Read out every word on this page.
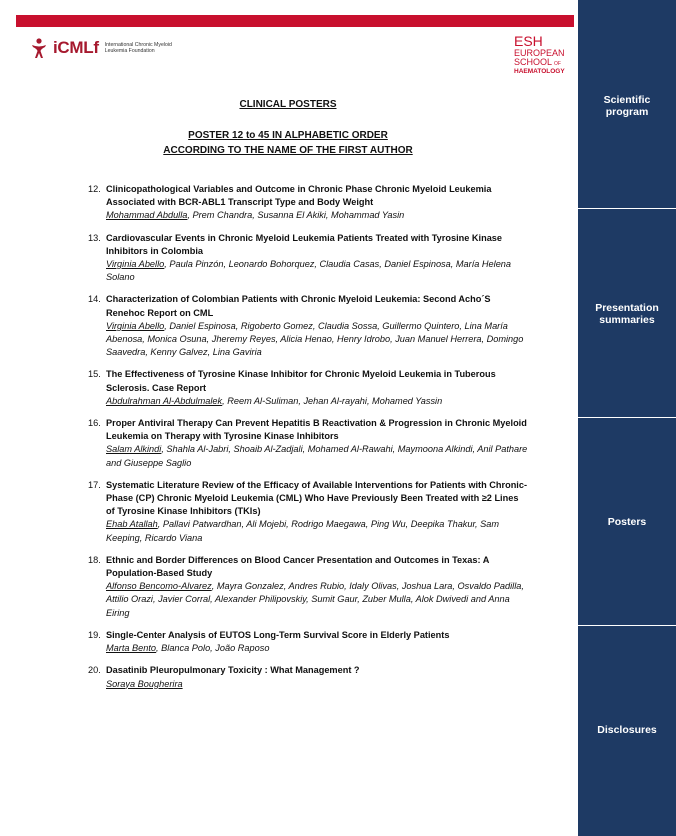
iCMLf International Chronic Myeloid Leukemia Foundation
ESH
EUROPEAN
SCHOOL OF
HAEMATOLOGY
CLINICAL POSTERS
POSTER 12 to 45 IN ALPHABETIC ORDER
ACCORDING TO THE NAME OF THE FIRST AUTHOR
12. Clinicopathological Variables and Outcome in Chronic Phase Chronic Myeloid Leukemia Associated with BCR-ABL1 Transcript Type and Body Weight
Mohammad Abdulla, Prem Chandra, Susanna El Akiki, Mohammad Yasin
13. Cardiovascular Events in Chronic Myeloid Leukemia Patients Treated with Tyrosine Kinase Inhibitors in Colombia
Virginia Abello, Paula Pinzón, Leonardo Bohorquez, Claudia Casas, Daniel Espinosa, María Helena Solano
14. Characterization of Colombian Patients with Chronic Myeloid Leukemia: Second Acho´S Renehoc Report on CML
Virginia Abello, Daniel Espinosa, Rigoberto Gomez, Claudia Sossa, Guillermo Quintero, Lina María Abenosa, Monica Osuna, Jheremy Reyes, Alicia Henao, Henry Idrobo, Juan Manuel Herrera, Domingo Saavedra, Kenny Galvez, Lina Gaviria
15. The Effectiveness of Tyrosine Kinase Inhibitor for Chronic Myeloid Leukemia in Tuberous Sclerosis. Case Report
Abdulrahman Al-Abdulmalek, Reem Al-Suliman, Jehan Al-rayahi, Mohamed Yassin
16. Proper Antiviral Therapy Can Prevent Hepatitis B Reactivation & Progression in Chronic Myeloid Leukemia on Therapy with Tyrosine Kinase Inhibitors
Salam Alkindi, Shahla Al-Jabri, Shoaib Al-Zadjali, Mohamed Al-Rawahi, Maymoona Alkindi, Anil Pathare and Giuseppe Saglio
17. Systematic Literature Review of the Efficacy of Available Interventions for Patients with Chronic-Phase (CP) Chronic Myeloid Leukemia (CML) Who Have Previously Been Treated with ≥2 Lines of Tyrosine Kinase Inhibitors (TKIs)
Ehab Atallah, Pallavi Patwardhan, Ali Mojebi, Rodrigo Maegawa, Ping Wu, Deepika Thakur, Sam Keeping, Ricardo Viana
18. Ethnic and Border Differences on Blood Cancer Presentation and Outcomes in Texas: A Population-Based Study
Alfonso Bencomo-Alvarez, Mayra Gonzalez, Andres Rubio, Idaly Olivas, Joshua Lara, Osvaldo Padilla, Attilio Orazi, Javier Corral, Alexander Philipovskiy, Sumit Gaur, Zuber Mulla, Alok Dwivedi and Anna Eiring
19. Single-Center Analysis of EUTOS Long-Term Survival Score in Elderly Patients
Marta Bento, Blanca Polo, João Raposo
20. Dasatinib Pleuropulmonary Toxicity : What Management ?
Soraya Bougherira
Scientific program
Presentation summaries
Posters
Disclosures
